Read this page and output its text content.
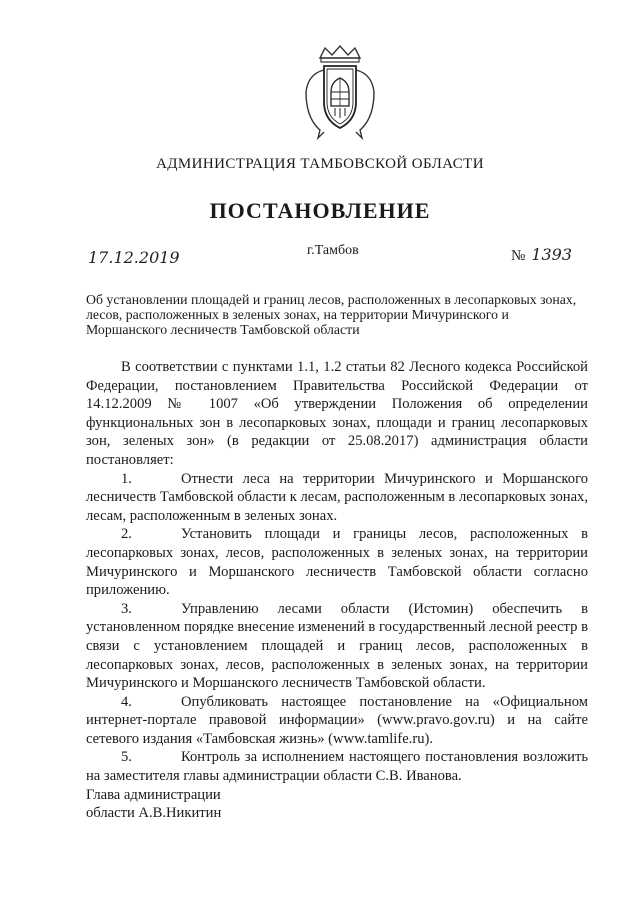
АДМИНИСТРАЦИЯ ТАМБОВСКОЙ ОБЛАСТИ
ПОСТАНОВЛЕНИЕ
17.12.2019	г.Тамбов	№ 1393
Об установлении площадей и границ лесов, расположенных в лесопарковых зонах, лесов, расположенных в зеленых зонах, на территории Мичуринского и Моршанского лесничеств Тамбовской области

В соответствии с пунктами 1.1, 1.2 статьи 82 Лесного кодекса Российской Федерации, постановлением Правительства Российской Федерации от 14.12.2009 № 1007 «Об утверждении Положения об определении функциональных зон в лесопарковых зонах, площади и границ лесопарковых зон, зеленых зон» (в редакции от 25.08.2017) администрация области постановляет:

1.	Отнести леса на территории Мичуринского и Моршанского лесничеств Тамбовской области к лесам, расположенным в лесопарковых зонах, лесам, расположенным в зеленых зонах.

2.	Установить площади и границы лесов, расположенных в лесопарковых зонах, лесов, расположенных в зеленых зонах, на территории Мичуринского и Моршанского лесничеств Тамбовской области согласно приложению.

3.	Управлению лесами области (Истомин) обеспечить в установленном порядке внесение изменений в государственный лесной реестр в связи с установлением площадей и границ лесов, расположенных в лесопарковых зонах, лесов, расположенных в зеленых зонах, на территории Мичуринского и Моршанского лесничеств Тамбовской области.

4.	Опубликовать настоящее постановление на «Официальном интернет-портале правовой информации» (www.pravo.gov.ru) и на сайте сетевого издания «Тамбовская жизнь» (www.tamlife.ru).

5.	Контроль за исполнением настоящего постановления возложить на заместителя главы администрации области С.В. Иванова.

Глава администрации
области А.В.Никитин
